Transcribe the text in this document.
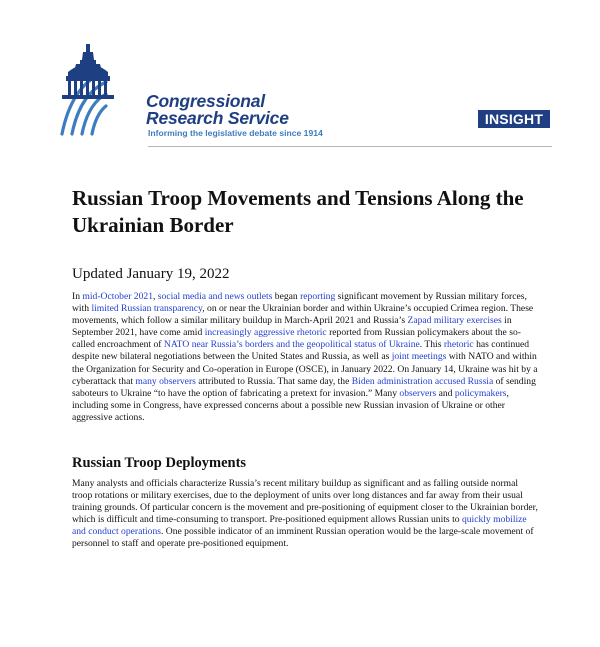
Congressional
Research Service
Informing the legislative debate since 1914
INSIGHT
Russian Troop Movements and Tensions Along the Ukrainian Border

Updated January 19, 2022

In mid-October 2021, social media and news outlets began reporting significant movement by Russian military forces, with limited Russian transparency, on or near the Ukrainian border and within Ukraine’s occupied Crimea region. These movements, which follow a similar military buildup in March-April 2021 and Russia’s Zapad military exercises in September 2021, have come amid increasingly aggressive rhetoric reported from Russian policymakers about the so-called encroachment of NATO near Russia’s borders and the geopolitical status of Ukraine. This rhetoric has continued despite new bilateral negotiations between the United States and Russia, as well as joint meetings with NATO and within the Organization for Security and Co-operation in Europe (OSCE), in January 2022. On January 14, Ukraine was hit by a cyberattack that many observers attributed to Russia. That same day, the Biden administration accused Russia of sending saboteurs to Ukraine “to have the option of fabricating a pretext for invasion.” Many observers and policymakers, including some in Congress, have expressed concerns about a possible new Russian invasion of Ukraine or other aggressive actions.

Russian Troop Deployments

Many analysts and officials characterize Russia’s recent military buildup as significant and as falling outside normal troop rotations or military exercises, due to the deployment of units over long distances and far away from their usual training grounds. Of particular concern is the movement and pre-positioning of equipment closer to the Ukrainian border, which is difficult and time-consuming to transport. Pre-positioned equipment allows Russian units to quickly mobilize and conduct operations. One possible indicator of an imminent Russian operation would be the large-scale movement of personnel to staff and operate pre-positioned equipment.
